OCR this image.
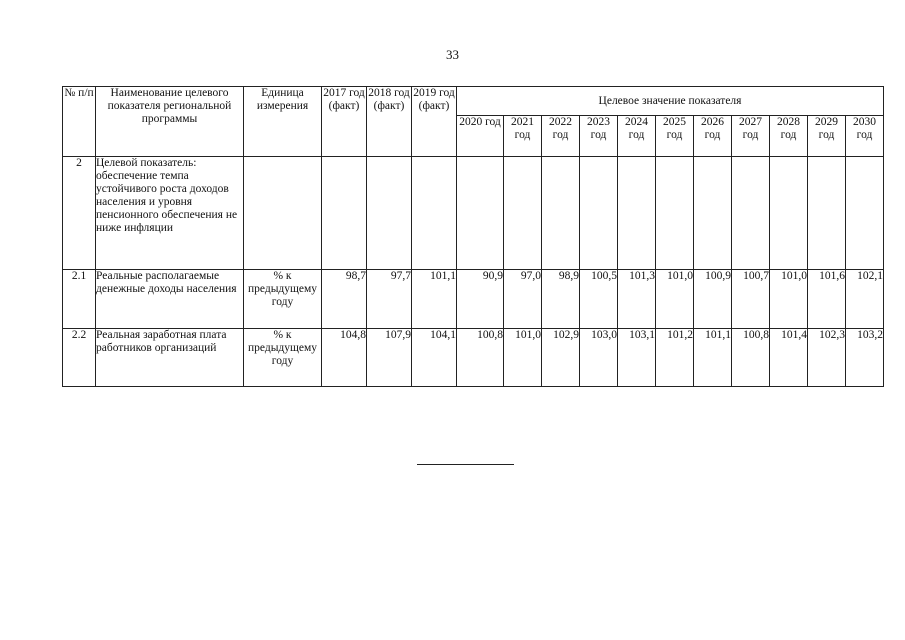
33
№ п/п	Наименование целевого показателя региональной программы	Единица измерения	2017 год (факт)	2018 год (факт)	2019 год (факт)	Целевое значение показателя										
						2020 год	2021 год	2022 год	2023 год	2024 год	2025 год	2026 год	2027 год	2028 год	2029 год	2030 год
2	Целевой показатель: обеспечение темпа устойчивого роста доходов населения и уровня пенсионного обеспечения не ниже инфляции															
2.1	Реальные располагаемые денежные доходы населения	% к предыдущему году	98,7	97,7	101,1	90,9	97,0	98,9	100,5	101,3	101,0	100,9	100,7	101,0	101,6	102,1
2.2	Реальная заработная плата работников организаций	% к предыдущему году	104,8	107,9	104,1	100,8	101,0	102,9	103,0	103,1	101,2	101,1	100,8	101,4	102,3	103,2
